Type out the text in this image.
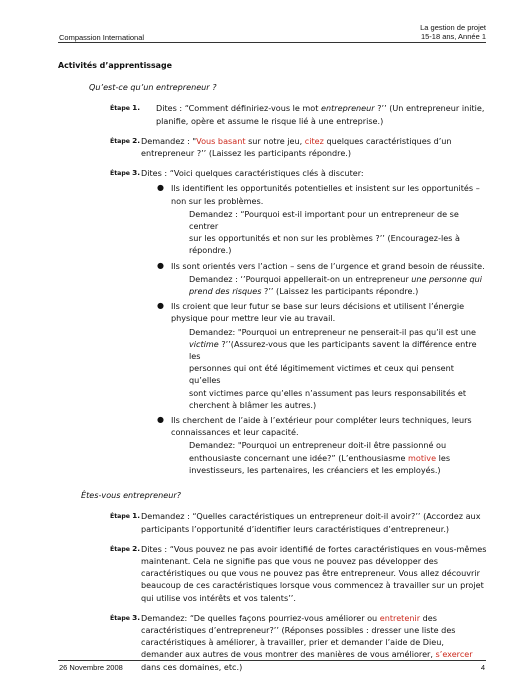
Compassion International
La gestion de projet
15-18 ans, Année 1
Activités d’apprentissage
Qu’est-ce qu’un entrepreneur ?
Étape 1. Dites : “Comment définiriez-vous le mot entrepreneur ?’’ (Un entrepreneur initie,
planifie, opère et assume le risque lié à une entreprise.)
Étape 2. Demandez : "Vous basant sur notre jeu, citez quelques caractéristiques d’un
entrepreneur ?’’ (Laissez les participants répondre.)
Étape 3. Dites : “Voici quelques caractéristiques clés à discuter:
● Ils identifient les opportunités potentielles et insistent sur les opportunités –
non sur les problèmes.
Demandez : “Pourquoi est-il important pour un entrepreneur de se centrer
sur les opportunités et non sur les problèmes ?’’ (Encouragez-les à
répondre.)
● Ils sont orientés vers l’action – sens de l’urgence et grand besoin de réussite.
Demandez : ‘’Pourquoi appellerait-on un entrepreneur une personne qui
prend des risques ?’’ (Laissez les participants répondre.)
● Ils croient que leur futur se base sur leurs décisions et utilisent l’énergie
physique pour mettre leur vie au travail.
Demandez: "Pourquoi un entrepreneur ne penserait-il pas qu’il est une
victime ?’’(Assurez-vous que les participants savent la différence entre les
personnes qui ont été légitimement victimes et ceux qui pensent qu’elles
sont victimes parce qu’elles n’assument pas leurs responsabilités et
cherchent à blâmer les autres.)
● Ils cherchent de l’aide à l’extérieur pour compléter leurs techniques, leurs
connaissances et leur capacité.
Demandez: "Pourquoi un entrepreneur doit-il être passionné ou
enthousiaste concernant une idée?” (L’enthousiasme motive les
investisseurs, les partenaires, les créanciers et les employés.)
Êtes-vous entrepreneur?
Étape 1. Demandez : “Quelles caractéristiques un entrepreneur doit-il avoir?’’ (Accordez aux
participants l’opportunité d’identifier leurs caractéristiques d’entrepreneur.)
Étape 2. Dites : “Vous pouvez ne pas avoir identifié de fortes caractéristiques en vous-mêmes
maintenant. Cela ne signifie pas que vous ne pouvez pas développer des
caractéristiques ou que vous ne pouvez pas être entrepreneur. Vous allez découvrir
beaucoup de ces caractéristiques lorsque vous commencez à travailler sur un projet
qui utilise vos intérêts et vos talents’’.
Étape 3. Demandez: “De quelles façons pourriez-vous améliorer ou entretenir des
caractéristiques d’entrepreneur?’’ (Réponses possibles : dresser une liste des
caractéristiques à améliorer, à travailler, prier et demander l’aide de Dieu,
demander aux autres de vous montrer des manières de vous améliorer, s’exercer
dans ces domaines, etc.)
26 Novembre 2008	4
